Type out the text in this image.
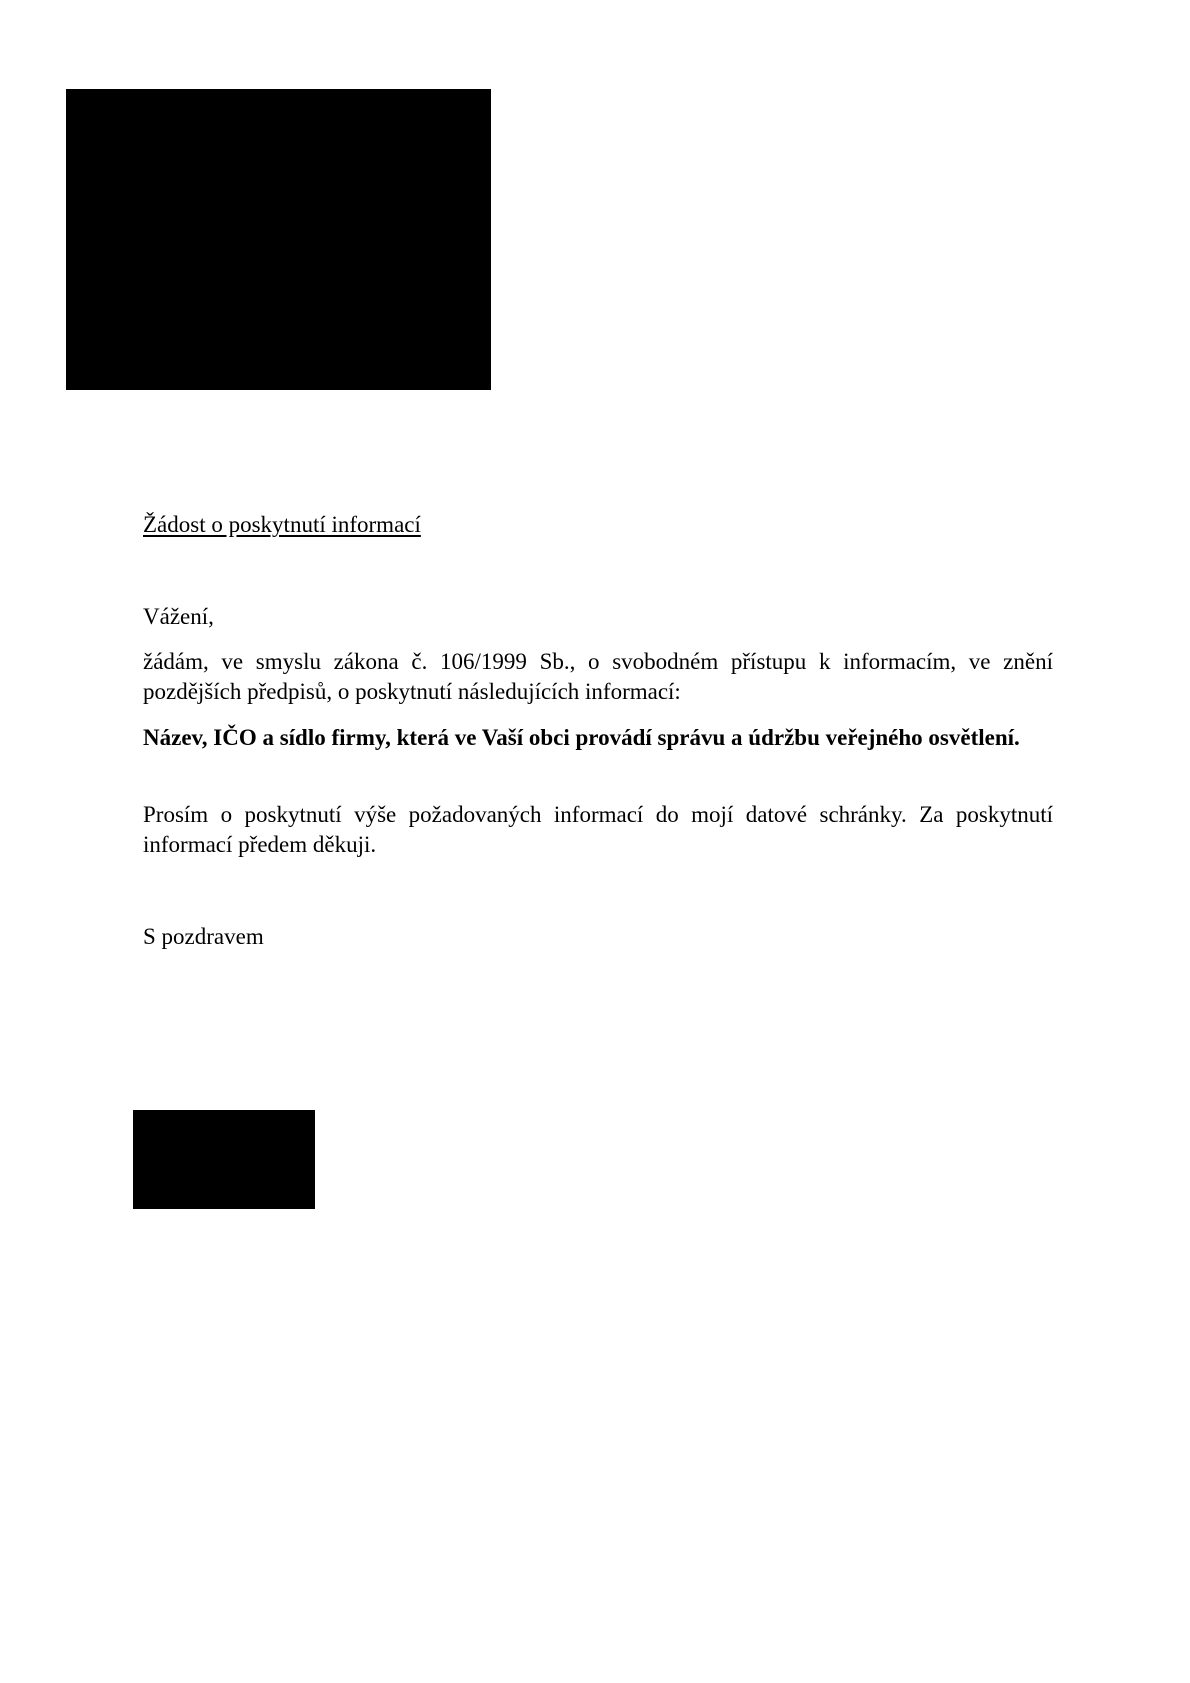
Žádost o poskytnutí informací

Vážení,

žádám, ve smyslu zákona č. 106/1999 Sb., o svobodném přístupu k informacím, ve znění pozdějších předpisů, o poskytnutí následujících informací:

Název, IČO a sídlo firmy, která ve Vaší obci provádí správu a údržbu veřejného osvětlení.

Prosím o poskytnutí výše požadovaných informací do mojí datové schránky. Za poskytnutí informací předem děkuji.

S pozdravem
